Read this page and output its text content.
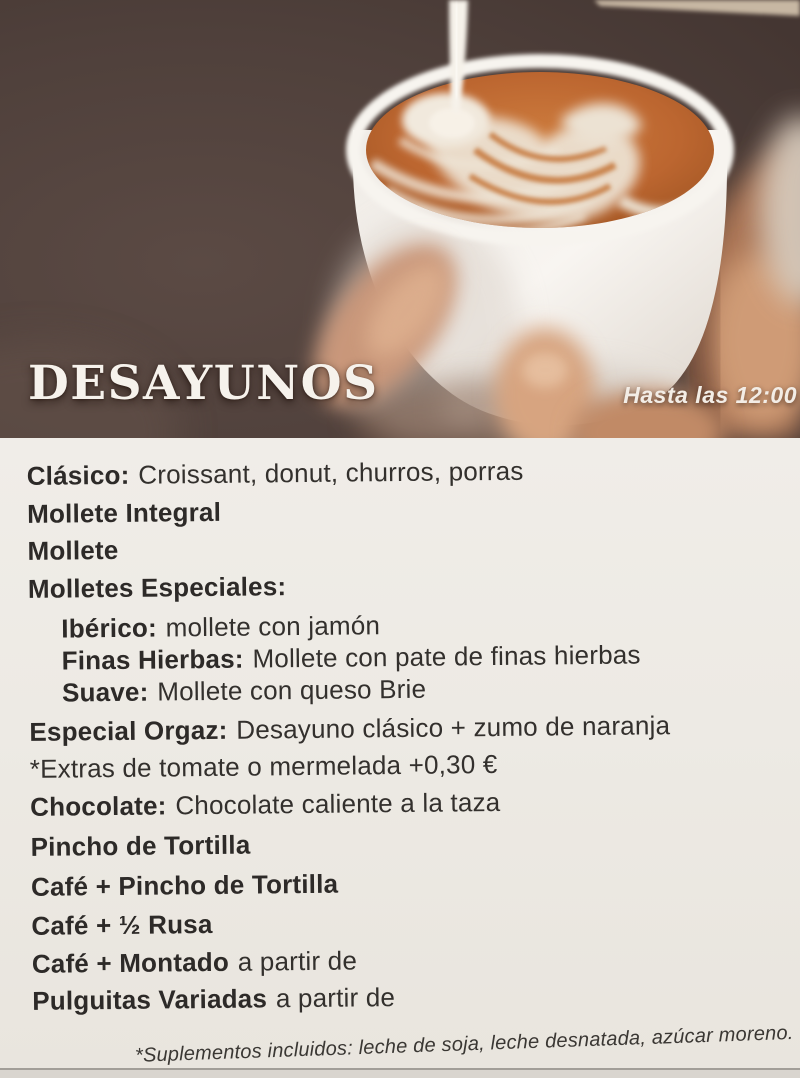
DESAYUNOS	Hasta las 12:00
Clásico: Croissant, donut, churros, porras
Mollete Integral
Mollete
Molletes Especiales:
Ibérico: mollete con jamón
Finas Hierbas: Mollete con pate de finas hierbas
Suave: Mollete con queso Brie
Especial Orgaz: Desayuno clásico + zumo de naranja
*Extras de tomate o mermelada +0,30 €
Chocolate: Chocolate caliente a la taza
Pincho de Tortilla
Café + Pincho de Tortilla
Café + ½ Rusa
Café + Montado a partir de
Pulguitas Variadas a partir de
*Suplementos incluidos: leche de soja, leche desnatada, azúcar moreno.
